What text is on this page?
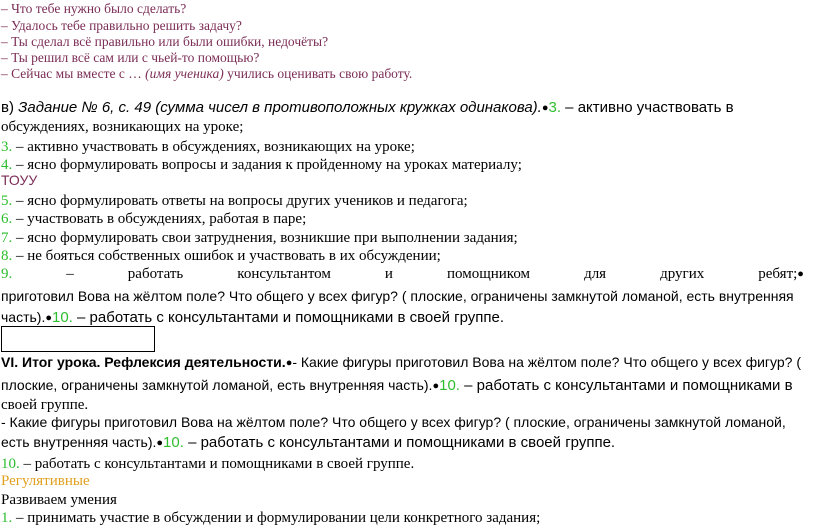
– Что тебе нужно было сделать?
– Удалось тебе правильно решить задачу?
– Ты сделал всё правильно или были ошибки, недочёты?
– Ты решил всё сам или с чьей-то помощью?
– Сейчас мы вместе с … (имя ученика) учились оценивать свою работу.
в) Задание № 6, с. 49 (сумма чисел в противоположных кружках одинакова).●3. – активно участвовать в
обсуждениях, возникающих на уроке;
3. – активно участвовать в обсуждениях, возникающих на уроке;
4. – ясно формулировать вопросы и задания к пройденному на уроках материалу;
ТОУУ
5. – ясно формулировать ответы на вопросы других учеников и педагога;
6. – участвовать в обсуждениях, работая в паре;
7. – ясно формулировать свои затруднения, возникшие при выполнении задания;
8. – не бояться собственных ошибок и участвовать в их обсуждении;
9.	–	работать	консультантом	и	помощником	для	других	ребят;●
приготовил Вова на жёлтом поле? Что общего у всех фигур? ( плоские, ограничены замкнутой ломаной, есть внутренняя
часть).●10. – работать с консультантами и помощниками в своей группе.
VI. Итог урока. Рефлексия деятельности.●- Какие фигуры приготовил Вова на жёлтом поле? Что общего у всех фигур? (
плоские, ограничены замкнутой ломаной, есть внутренняя часть).●10. – работать с консультантами и помощниками в
своей группе.
- Какие фигуры приготовил Вова на жёлтом поле? Что общего у всех фигур? ( плоские, ограничены замкнутой ломаной,
есть внутренняя часть).●10. – работать с консультантами и помощниками в своей группе.
10. – работать с консультантами и помощниками в своей группе.
Регулятивные
Развиваем умения
1. – принимать участие в обсуждении и формулировании цели конкретного задания;
